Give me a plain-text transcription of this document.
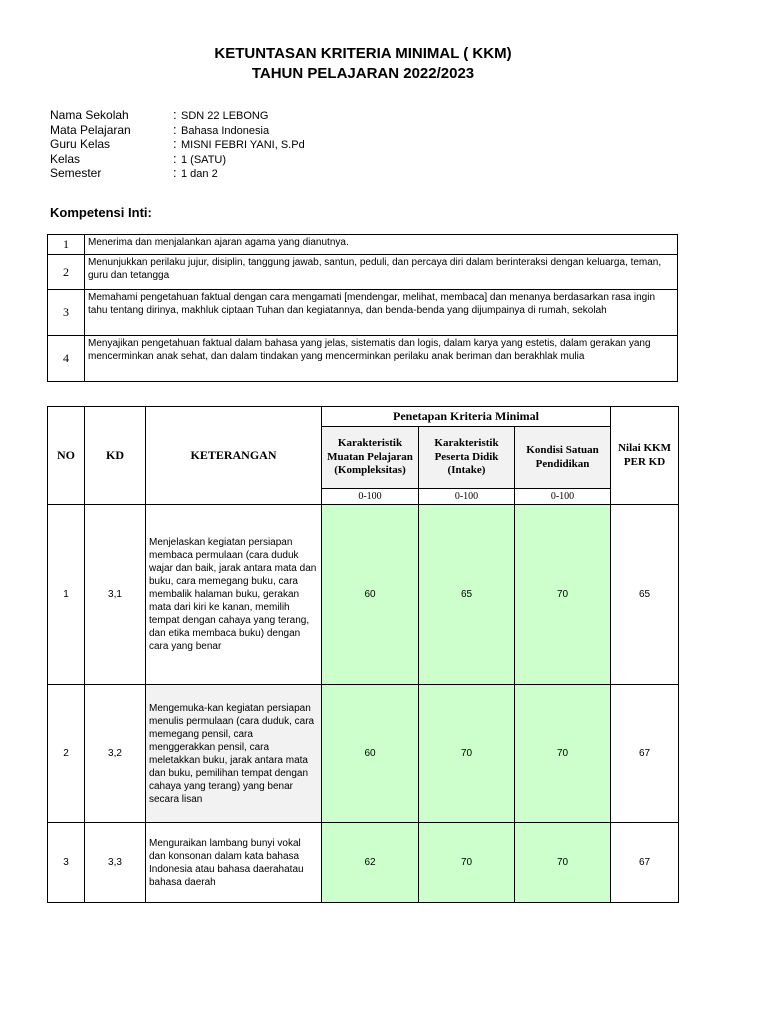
KETUNTASAN KRITERIA MINIMAL ( KKM)
TAHUN PELAJARAN 2022/2023
Nama Sekolah	: SDN 22 LEBONG
Mata Pelajaran	: Bahasa Indonesia
Guru Kelas	: MISNI FEBRI YANI, S.Pd
Kelas	: 1 (SATU)
Semester	: 1 dan 2
Kompetensi Inti:
1	Menerima dan menjalankan ajaran agama yang dianutnya.
2	Menunjukkan perilaku jujur, disiplin, tanggung jawab, santun, peduli, dan percaya diri dalam berinteraksi dengan keluarga, teman, guru dan tetangga
3	Memahami pengetahuan faktual dengan cara mengamati [mendengar, melihat, membaca] dan menanya berdasarkan rasa ingin tahu tentang dirinya, makhluk ciptaan Tuhan dan kegiatannya, dan benda-benda yang dijumpainya di rumah, sekolah
4	Menyajikan pengetahuan faktual dalam bahasa yang jelas, sistematis dan logis, dalam karya yang estetis, dalam gerakan yang mencerminkan anak sehat, dan dalam tindakan yang mencerminkan perilaku anak beriman dan berakhlak mulia
NO	KD	KETERANGAN	Penetapan Kriteria Minimal			Nilai KKM PER KD
			Karakteristik Muatan Pelajaran (Kompleksitas)	Karakteristik Peserta Didik (Intake)	Kondisi Satuan Pendidikan	
			0-100	0-100	0-100	
1	3,1	Menjelaskan kegiatan persiapan membaca permulaan (cara duduk wajar dan baik, jarak antara mata dan buku, cara memegang buku, cara membalik halaman buku, gerakan mata dari kiri ke kanan, memilih tempat dengan cahaya yang terang, dan etika membaca buku) dengan cara yang benar	60	65	70	65
2	3,2	Mengemuka-kan kegiatan persiapan menulis permulaan (cara duduk, cara memegang pensil, cara menggerakkan pensil, cara meletakkan buku, jarak antara mata dan buku, pemilihan tempat dengan cahaya yang terang) yang benar secara lisan	60	70	70	67
3	3,3	Menguraikan lambang bunyi vokal dan konsonan dalam kata bahasa Indonesia atau bahasa daerahatau bahasa daerah	62	70	70	67
